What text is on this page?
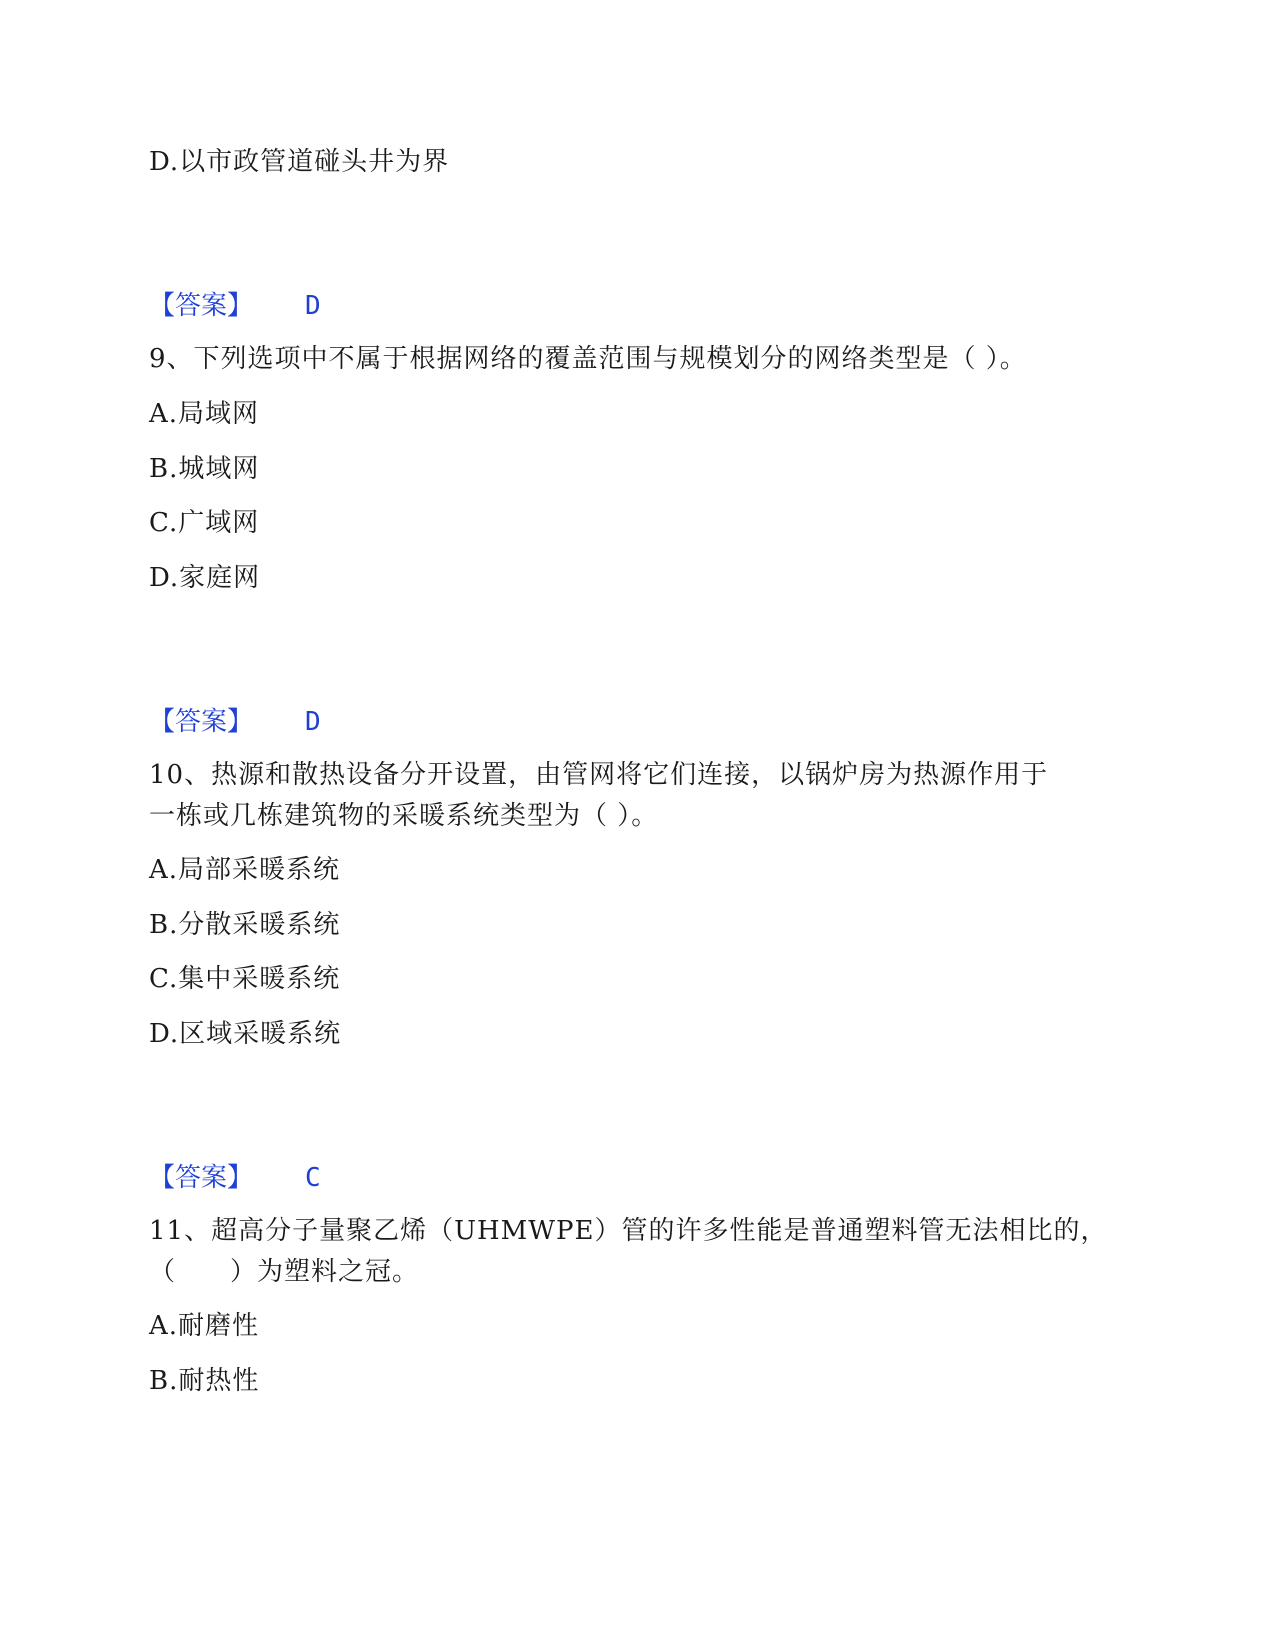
D.以市政管道碰头井为界
【答案】 D
9、下列选项中不属于根据网络的覆盖范围与规模划分的网络类型是（ ）。
A.局域网
B.城域网
C.广域网
D.家庭网
【答案】 D
10、热源和散热设备分开设置，由管网将它们连接，以锅炉房为热源作用于
一栋或几栋建筑物的采暖系统类型为（ ）。
A.局部采暖系统
B.分散采暖系统
C.集中采暖系统
D.区域采暖系统
【答案】 C
11、超高分子量聚乙烯（UHMWPE）管的许多性能是普通塑料管无法相比的，
（　　）为塑料之冠。
A.耐磨性
B.耐热性
